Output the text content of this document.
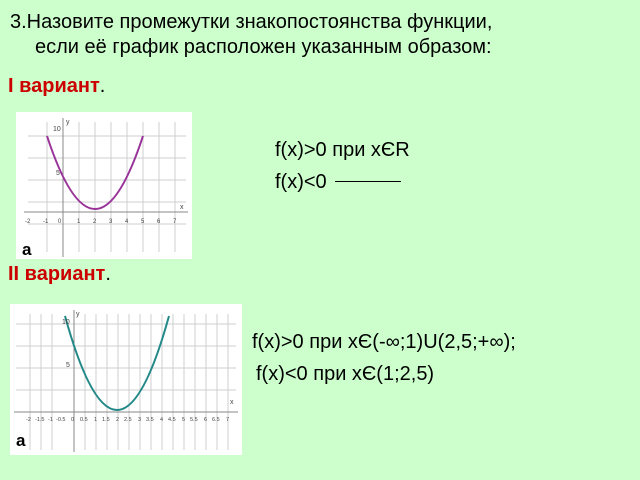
3.Назовите промежутки знакопостоянства функции,
если её график расположен указанным образом:
I вариант.
10
5
y
x
-2 -1 0	1 2 3 4 5 6 7
а
f(x)>0 при xЄR
f(x)<0
II вариант.
10
5
y
x
-2 -1.5 -1 -0.5 0 0.5 1 1.5 2 2.5 3 3.5 4 4.5 5 5.5 6 6.5 7
а
f(x)>0 при xЄ(-∞;1)U(2,5;+∞);
f(x)<0 при xЄ(1;2,5)
